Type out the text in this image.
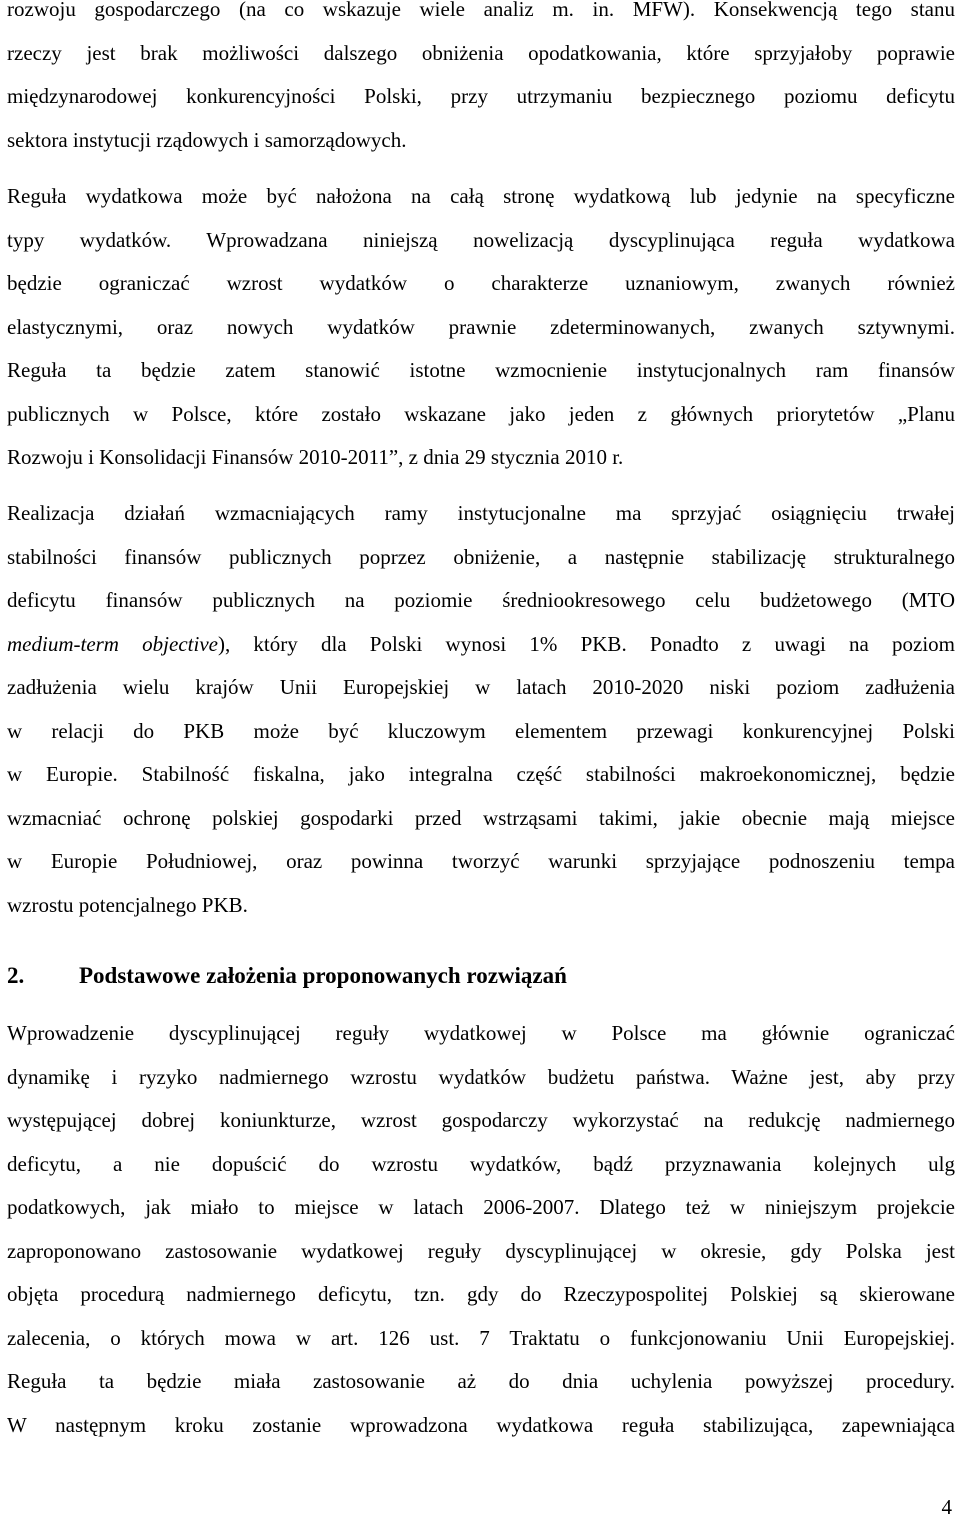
rozwoju gospodarczego (na co wskazuje wiele analiz m. in. MFW). Konsekwencją tego stanu
rzeczy jest brak możliwości dalszego obniżenia opodatkowania, które sprzyjałoby poprawie
międzynarodowej konkurencyjności Polski, przy utrzymaniu bezpiecznego poziomu deficytu
sektora instytucji rządowych i samorządowych.
Reguła wydatkowa może być nałożona na całą stronę wydatkową lub jedynie na specyficzne
typy wydatków. Wprowadzana niniejszą nowelizacją dyscyplinująca reguła wydatkowa
będzie ograniczać wzrost wydatków o charakterze uznaniowym, zwanych również
elastycznymi, oraz nowych wydatków prawnie zdeterminowanych, zwanych sztywnymi.
Reguła ta będzie zatem stanowić istotne wzmocnienie instytucjonalnych ram finansów
publicznych w Polsce, które zostało wskazane jako jeden z głównych priorytetów „Planu
Rozwoju i Konsolidacji Finansów 2010-2011”, z dnia 29 stycznia 2010 r.
Realizacja działań wzmacniających ramy instytucjonalne ma sprzyjać osiągnięciu trwałej
stabilności finansów publicznych poprzez obniżenie, a następnie stabilizację strukturalnego
deficytu finansów publicznych na poziomie średniookresowego celu budżetowego (MTO
medium-term objective), który dla Polski wynosi 1% PKB. Ponadto z uwagi na poziom
zadłużenia wielu krajów Unii Europejskiej w latach 2010-2020 niski poziom zadłużenia
w relacji do PKB może być kluczowym elementem przewagi konkurencyjnej Polski
w Europie. Stabilność fiskalna, jako integralna część stabilności makroekonomicznej, będzie
wzmacniać ochronę polskiej gospodarki przed wstrząsami takimi, jakie obecnie mają miejsce
w Europie Południowej, oraz powinna tworzyć warunki sprzyjające podnoszeniu tempa
wzrostu potencjalnego PKB.
2. Podstawowe założenia proponowanych rozwiązań
Wprowadzenie dyscyplinującej reguły wydatkowej w Polsce ma głównie ograniczać
dynamikę i ryzyko nadmiernego wzrostu wydatków budżetu państwa. Ważne jest, aby przy
występującej dobrej koniunkturze, wzrost gospodarczy wykorzystać na redukcję nadmiernego
deficytu, a nie dopuścić do wzrostu wydatków, bądź przyznawania kolejnych ulg
podatkowych, jak miało to miejsce w latach 2006-2007. Dlatego też w niniejszym projekcie
zaproponowano zastosowanie wydatkowej reguły dyscyplinującej w okresie, gdy Polska jest
objęta procedurą nadmiernego deficytu, tzn. gdy do Rzeczypospolitej Polskiej są skierowane
zalecenia, o których mowa w art. 126 ust. 7 Traktatu o funkcjonowaniu Unii Europejskiej.
Reguła ta będzie miała zastosowanie aż do dnia uchylenia powyższej procedury.
W następnym kroku zostanie wprowadzona wydatkowa reguła stabilizująca, zapewniająca
4
